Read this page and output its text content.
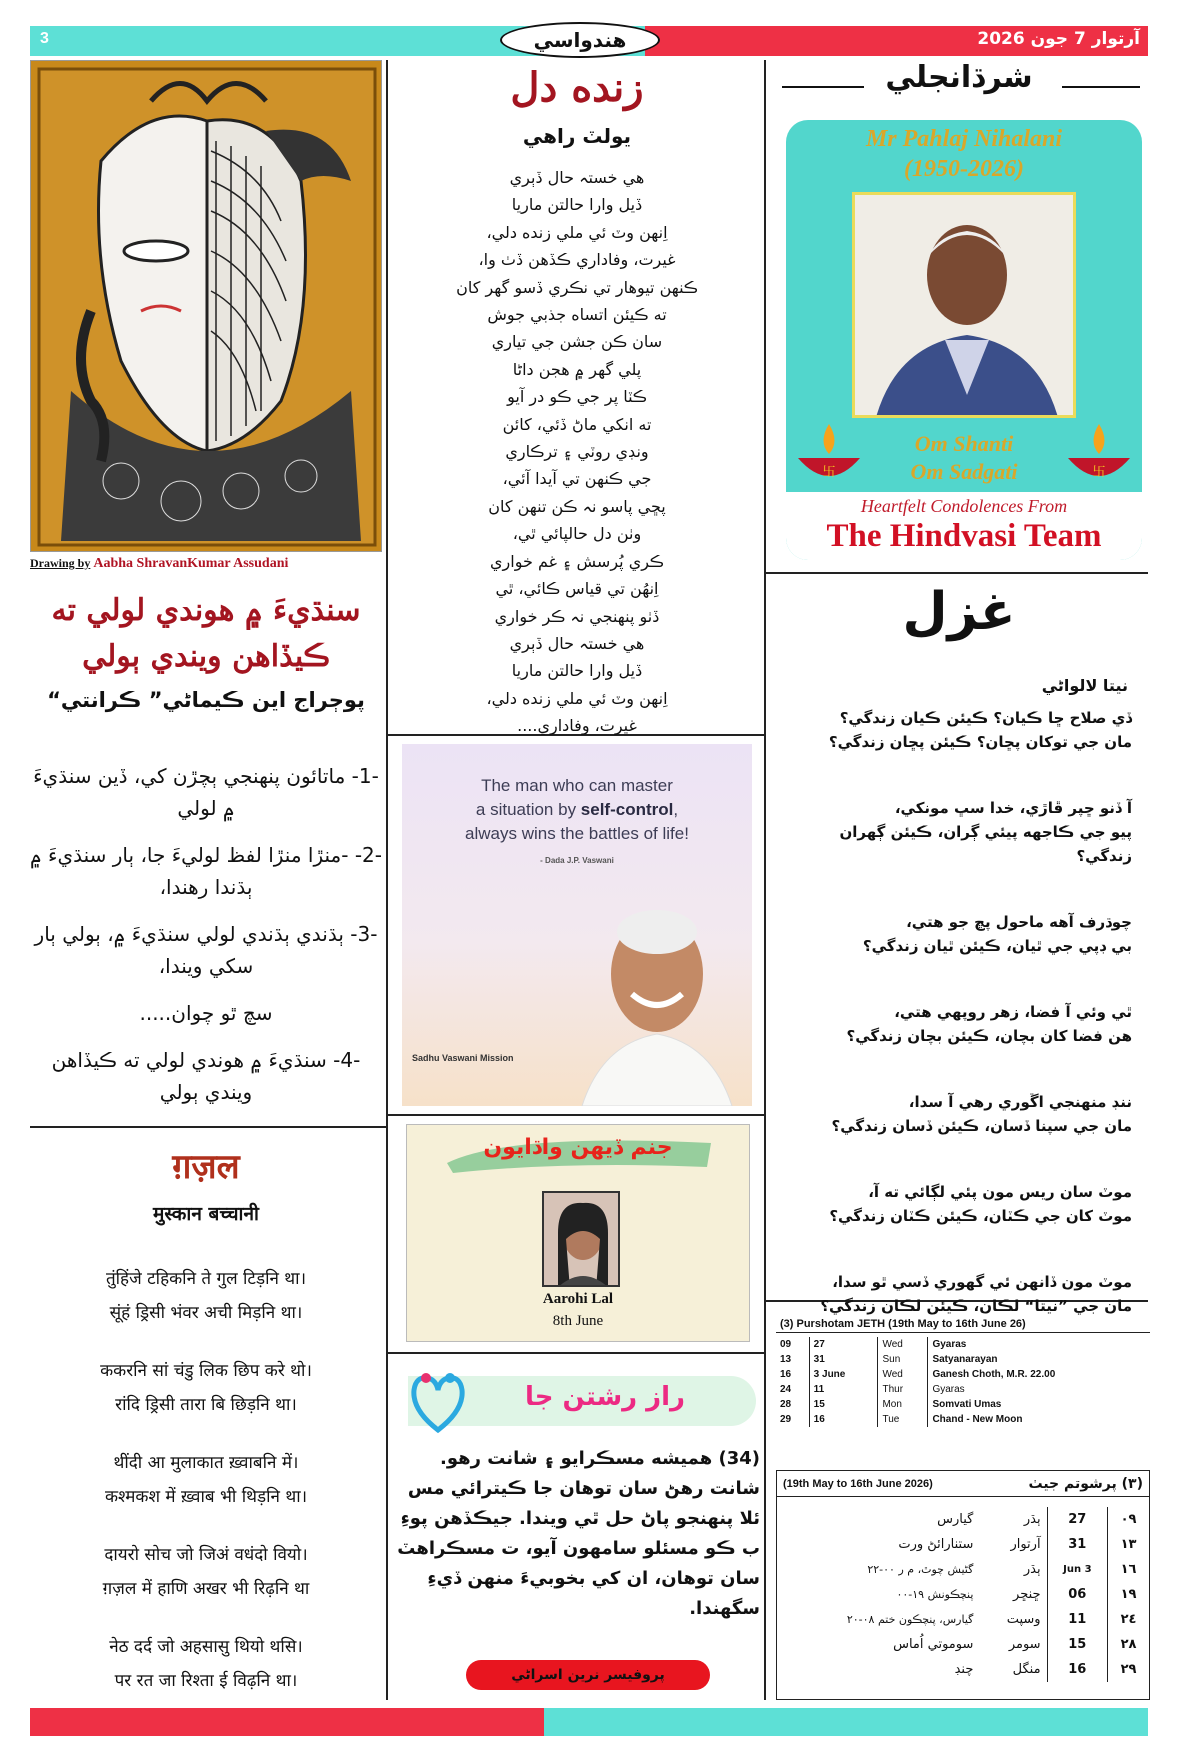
3	هندواسي	آرتوار 7 جون 2026
Drawing by Aabha ShravanKumar Assudani
سنڌيءَ ۾ هوندي لولي ته ڪيڏاهن ويندي ٻولي
پوڄراج اين ڪيماڻي” ڪرانتي“

-1- ماتائون پنهنجي ٻچڙن کي، ڏين سنڌيءَ ۾ لولي

-2- -منڙا منڙا لفظ لوليءَ جا، ٻار سنڌيءَ ۾ ٻڌندا رهندا،

-3- ٻڌندي ٻڌندي لولي سنڌيءَ ۾، ٻولي ٻار سکي ويندا،

سچ ٿو چوان.....

-4- سنڌيءَ ۾ هوندي لولي ته ڪيڏاهن ويندي ٻولي

ग़ज़ल
मुस्कान बच्चानी

तुंहिंजे टहिकनि ते गुल टिड़नि था।

सूंहं ड्रिसी भंवर अची मिड़नि था।

ककरनि सां चंडु लिक छिप करे थो।

रांदि ड्रिसी तारा बि छिड़नि था।

थींदी आ मुलाकात ख़्वाबनि में।

कश्मकश में ख़्वाब भी थिड़नि था।

दायरो सोच जो जिअं वधंदो वियो।

ग़ज़ल में हाणि अखर भी रिढ़नि था

नेठ दर्द जो अहसासु थियो थसि।

पर रत जा रिश्ता ई विढ़नि था।

زنده دل
يولٽ راهي

هي خستہ حال ڏٻري

ڏيل وارا حالتن ماريا

اِنهن وٽ ئي ملي زنده دلي،

غيرت، وفاداري ڪڏهن ڏٺ وا،

ڪنهن تيوهار تي نڪري ڏسو گهر کان

ته ڪيئن اتساه جذبي جوش

سان ڪن جشن جي تياري

پلي گهر ۾ هجن داڻا

ڪٽا پر جي ڪو در آيو

ته انکي ماڻ ڏئي، کائن

ونڊي روٽي ۽ ترڪاري

جي ڪنهن تي آيدا آئي،

پڇي پاسو نہ ڪن تنهن کان

وٺن دل حالپائي ٿي،

ڪري پُرسش ۽ غم خواري

اِنهُن تي قياس ڪائي، ٿي

ڏٺو پنهنجي نہ ڪر خواري

هي خستہ حال ڏٻري

ڏيل وارا حالتن ماريا

اِنهن وٽ ئي ملي زنده دلي،

غيرت، وفاداري....

The man who can master
a situation by self-control,
always wins the battles of life!
- Dada J.P. Vaswani
Sadhu Vaswani Mission
جنم ڏيهن واڌايون
Aarohi Lal
8th June
راز رشتن جا
(34) هميشه مسڪرايو ۽ شانت رهو. شانت رهڻ سان توهان جا ڪيترائي مس ئلا پنهنجو پاڻ حل ٿي ويندا. جيڪڏهن پوءِ ب ڪو مسئلو سامهون آيو، ت مسڪراهٽ سان توهان، ان کي بخوبيءَ منهن ڏيءِ سگهندا.
پروفيسر نرين اسراڻي
شرڌانجلي
Mr Pahlaj Nihalani
(1950-2026)
卐	卐
Om Shanti
Om Sadgati
Heartfelt Condolences From
The Hindvasi Team
غزل
نيتا لالواڻي

ڏي صلاح ڇا ڪيان؟ ڪيئن ڪيان زندگي؟

مان جي توکان پڇان؟ ڪيئن پڇان زندگي؟

آ ڏنو ڇپر ڦاڙي، خدا سڀ مونکي،

پيو جي ڪاجهه پيئي ڳران، ڪيئن ڳهران زندگي؟

چوڌرف آهه ماحول پڇ جو هتي،

بي ڊپي جي ٿيان، ڪيئن ٿيان زندگي؟

ٿي وئي آ فضا، زهر روپهي هتي،

هن فضا کان بچان، ڪيئن بچان زندگي؟

ننڊ منهنجي اڱوري رهي آ سدا،

مان جي سپنا ڏسان، ڪيئن ڏسان زندگي؟

موٽ سان ريس مون پئي لڳائي ته آ،

موٽ کان جي ڪٽان، ڪيئن ڪٽان زندگي؟

موٽ مون ڏانهن ئي گهوري ڏسي ٿو سدا،

مان جي ”نيتا“ لڪان، ڪيئن لڪان زندگي؟

(3) Purshotam JETH (19th May to 16th June 26)
09	27	Wed	Gyaras
13	31	Sun	Satyanarayan
16	3 June	Wed	Ganesh Choth, M.R. 22.00
24	11	Thur	Gyaras
28	15	Mon	Somvati Umas
29	16	Tue	Chand - New Moon
(19th May to 16th June 2026)	(٣) پرشوتم جيٺ
٠٩	27	ٻڌر	گيارس
١٣	31	آرتوار	ستنارائڻ ورت
١٦	3 Jun	ٻڌر	گڻيش چوٿ، م ر ٠٠-٢٢
١٩	06	ڇنڇر	پنچڪونش ١٩-٠٠
٢٤	11	وسپت	گيارس، پنچڪون ختم ٠٨-٢٠
٢٨	15	سومر	سوموتي اُماس
٢٩	16	منگل	چنڊ
